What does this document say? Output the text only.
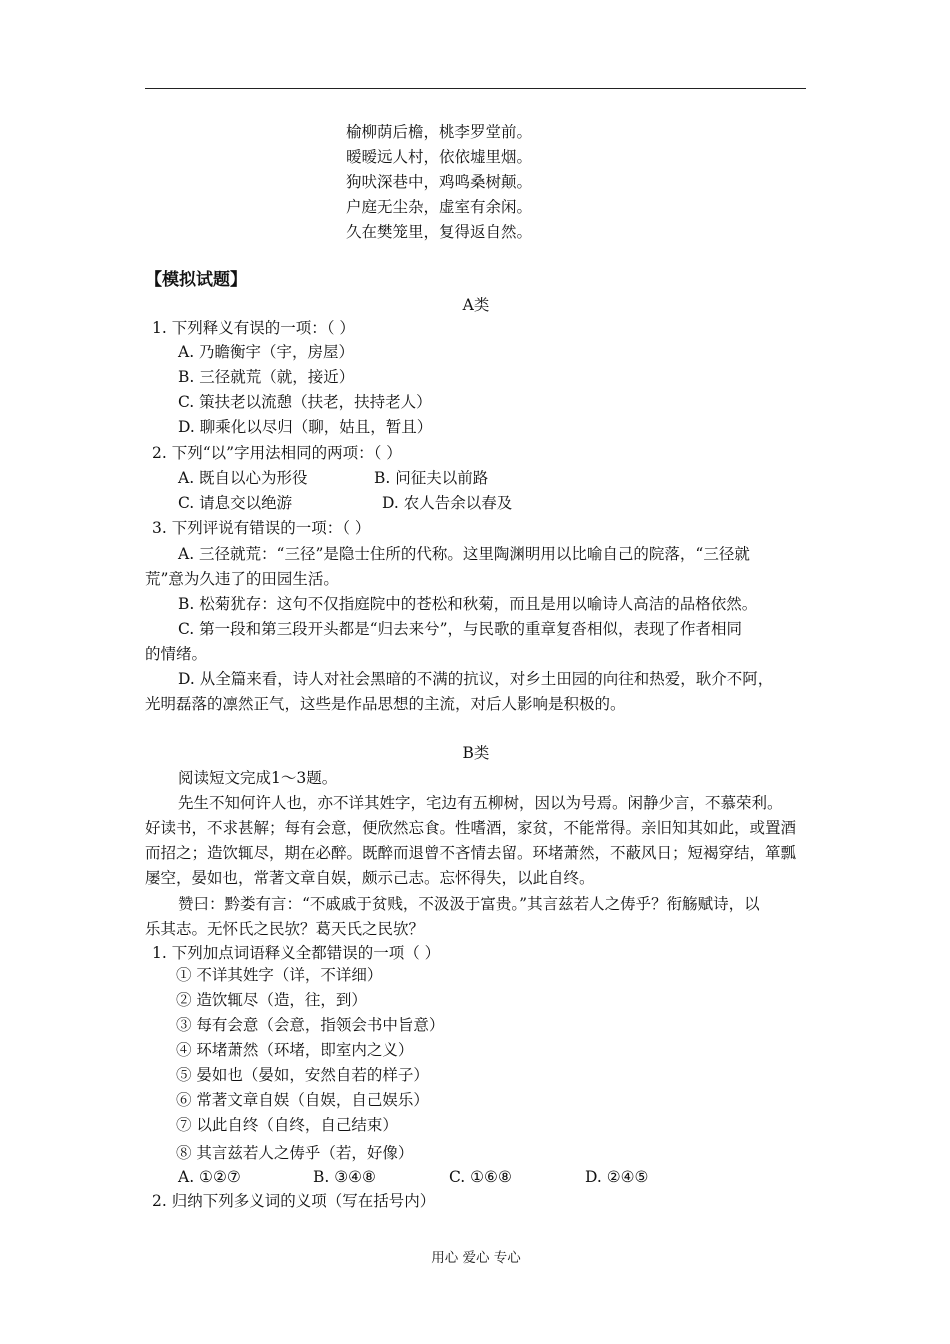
榆柳荫后檐，桃李罗堂前。
暧暧远人村，依依墟里烟。
狗吠深巷中，鸡鸣桑树颠。
户庭无尘杂，虚室有余闲。
久在樊笼里，复得返自然。
【模拟试题】
A类
1. 下列释义有误的一项：（ ）
A. 乃瞻衡宇（宇，房屋）
B. 三径就荒（就，接近）
C. 策扶老以流憩（扶老，扶持老人）
D. 聊乘化以尽归（聊，姑且，暂且）
2. 下列“以”字用法相同的两项：（ ）
A. 既自以心为形役	B. 问征夫以前路
C. 请息交以绝游	D. 农人告余以春及
3. 下列评说有错误的一项：（ ）
A. 三径就荒：“三径”是隐士住所的代称。这里陶渊明用以比喻自己的院落，“三径就
荒”意为久违了的田园生活。
B. 松菊犹存：这句不仅指庭院中的苍松和秋菊，而且是用以喻诗人高洁的品格依然。
C. 第一段和第三段开头都是“归去来兮”，与民歌的重章复沓相似，表现了作者相同
的情绪。
D. 从全篇来看，诗人对社会黑暗的不满的抗议，对乡土田园的向往和热爱，耿介不阿，
光明磊落的凛然正气，这些是作品思想的主流，对后人影响是积极的。
B类
阅读短文完成1～3题。
先生不知何许人也，亦不详其姓字，宅边有五柳树，因以为号焉。闲静少言，不慕荣利。
好读书，不求甚解；每有会意，便欣然忘食。性嗜酒，家贫，不能常得。亲旧知其如此，或置酒
而招之；造饮辄尽，期在必醉。既醉而退曾不吝情去留。环堵萧然，不蔽风日；短褐穿结，箪瓢
屡空，晏如也，常著文章自娱，颇示己志。忘怀得失，以此自终。
赞曰：黔娄有言：“不戚戚于贫贱，不汲汲于富贵。”其言兹若人之俦乎？衔觞赋诗，以
乐其志。无怀氏之民欤？葛天氏之民欤？
1. 下列加点词语释义全都错误的一项（ ）
① 不详其姓字（详，不详细）
② 造饮辄尽（造，往，到）
③ 每有会意（会意，指领会书中旨意）
④ 环堵萧然（环堵，即室内之义）
⑤ 晏如也（晏如，安然自若的样子）
⑥ 常著文章自娱（自娱，自己娱乐）
⑦ 以此自终（自终，自己结束）
⑧ 其言兹若人之俦乎（若，好像）
A. ①②⑦	B. ③④⑧	C. ①⑥⑧	D. ②④⑤
2. 归纳下列多义词的义项（写在括号内）
用心 爱心 专心
